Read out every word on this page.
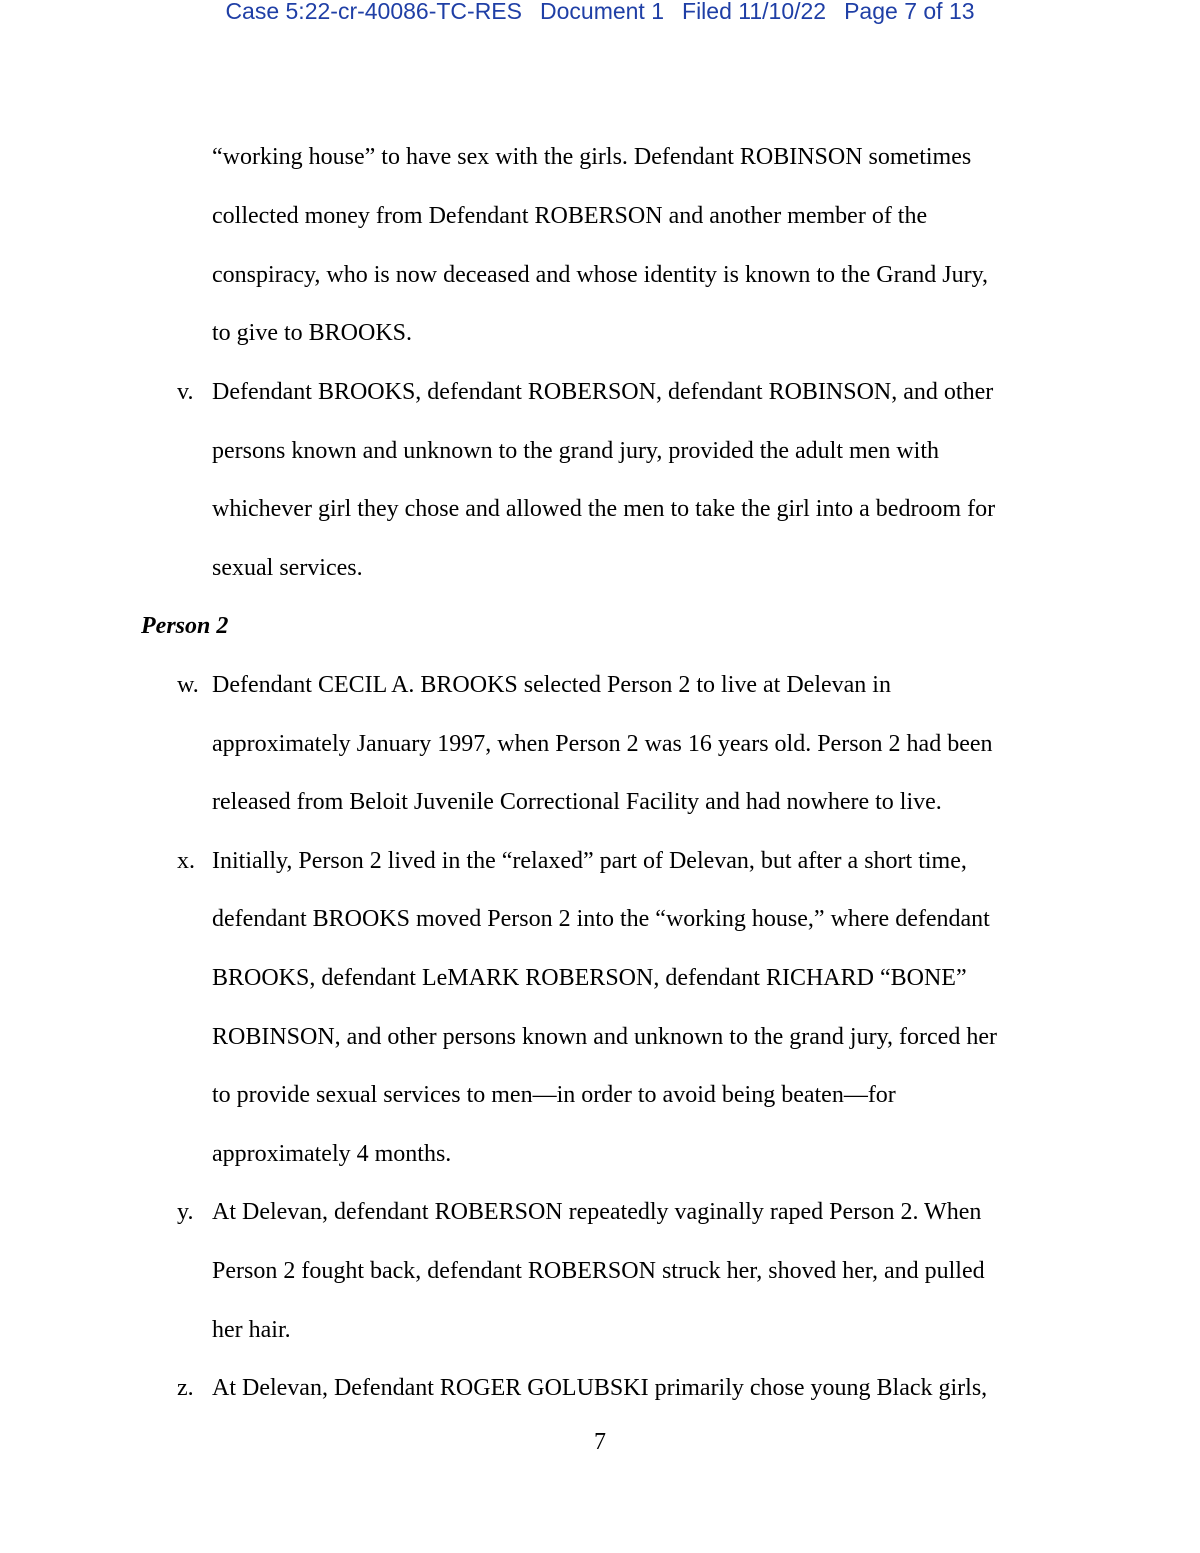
Case 5:22-cr-40086-TC-RES Document 1 Filed 11/10/22 Page 7 of 13
“working house” to have sex with the girls. Defendant ROBINSON sometimes
collected money from Defendant ROBERSON and another member of the
conspiracy, who is now deceased and whose identity is known to the Grand Jury,
to give to BROOKS.
v. Defendant BROOKS, defendant ROBERSON, defendant ROBINSON, and other
persons known and unknown to the grand jury, provided the adult men with
whichever girl they chose and allowed the men to take the girl into a bedroom for
sexual services.
Person 2
w. Defendant CECIL A. BROOKS selected Person 2 to live at Delevan in
approximately January 1997, when Person 2 was 16 years old. Person 2 had been
released from Beloit Juvenile Correctional Facility and had nowhere to live.
x. Initially, Person 2 lived in the “relaxed” part of Delevan, but after a short time,
defendant BROOKS moved Person 2 into the “working house,” where defendant
BROOKS, defendant LeMARK ROBERSON, defendant RICHARD “BONE”
ROBINSON, and other persons known and unknown to the grand jury, forced her
to provide sexual services to men—in order to avoid being beaten—for
approximately 4 months.
y. At Delevan, defendant ROBERSON repeatedly vaginally raped Person 2. When
Person 2 fought back, defendant ROBERSON struck her, shoved her, and pulled
her hair.
z. At Delevan, Defendant ROGER GOLUBSKI primarily chose young Black girls,
7
